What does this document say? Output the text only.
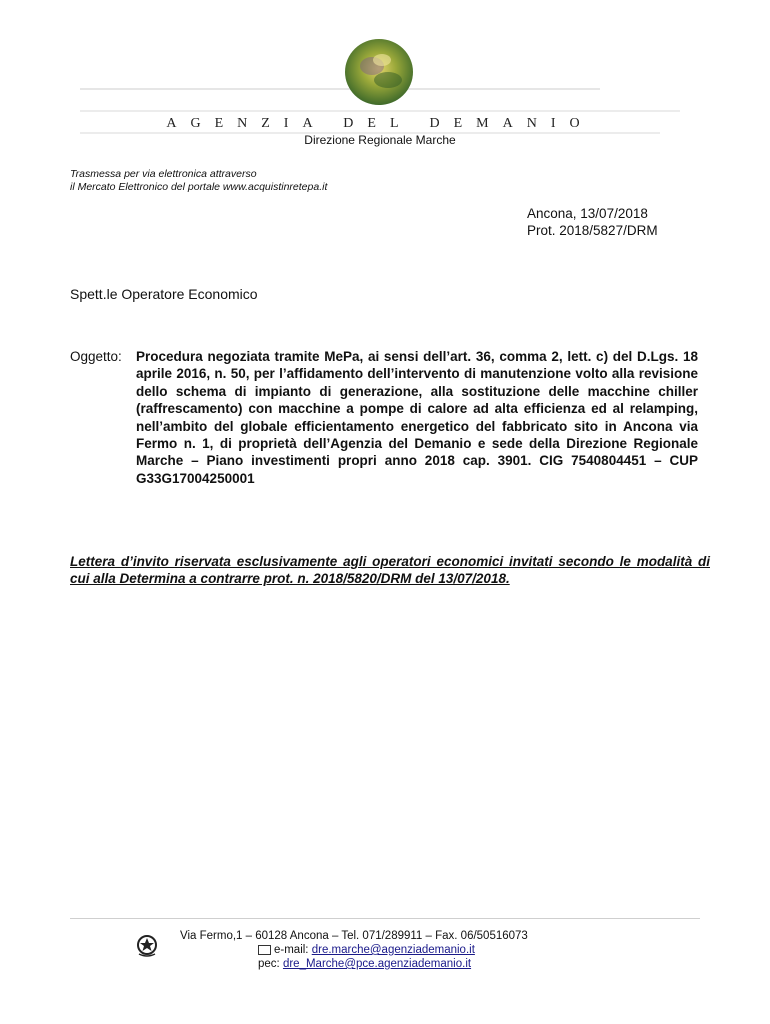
AGENZIA DEL DEMANIO
Direzione Regionale Marche
Trasmessa per via elettronica attraverso
il Mercato Elettronico del portale www.acquistinretepa.it
Ancona, 13/07/2018
Prot. 2018/5827/DRM
Spett.le Operatore Economico
Oggetto: Procedura negoziata tramite MePa, ai sensi dell’art. 36, comma 2, lett. c) del D.Lgs. 18 aprile 2016, n. 50, per l’affidamento dell’intervento di manutenzione volto alla revisione dello schema di impianto di generazione, alla sostituzione delle macchine chiller (raffrescamento) con macchine a pompe di calore ad alta efficienza ed al relamping, nell’ambito del globale efficientamento energetico del fabbricato sito in Ancona via Fermo n. 1, di proprietà dell’Agenzia del Demanio e sede della Direzione Regionale Marche – Piano investimenti propri anno 2018 cap. 3901. CIG 7540804451 – CUP G33G17004250001
Lettera d’invito riservata esclusivamente agli operatori economici invitati secondo le modalità di cui alla Determina a contrarre prot. n. 2018/5820/DRM del 13/07/2018.
Via Fermo,1 – 60128 Ancona – Tel. 071/289911 – Fax. 06/50516073
e-mail: dre.marche@agenziademanio.it
pec: dre_Marche@pce.agenziademanio.it
